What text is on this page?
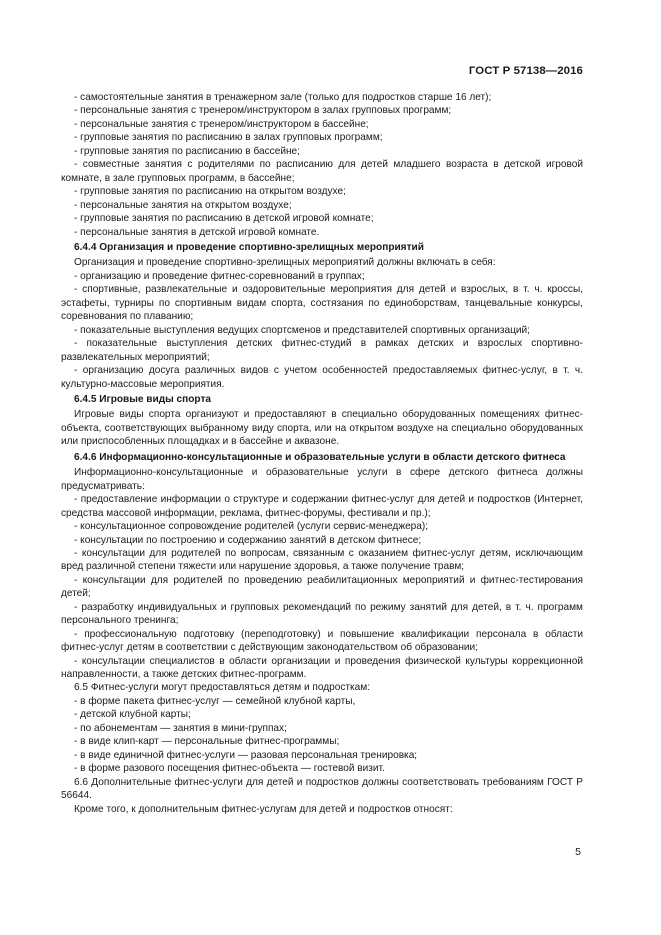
ГОСТ Р 57138—2016

- самостоятельные занятия в тренажерном зале (только для подростков старше 16 лет);

- персональные занятия с тренером/инструктором в залах групповых программ;

- персональные занятия с тренером/инструктором в бассейне;

- групповые занятия по расписанию в залах групповых программ;

- групповые занятия по расписанию в бассейне;

- совместные занятия с родителями по расписанию для детей младшего возраста в детской игровой комнате, в зале групповых программ, в бассейне;

- групповые занятия по расписанию на открытом воздухе;

- персональные занятия на открытом воздухе;

- групповые занятия по расписанию в детской игровой комнате;

- персональные занятия в детской игровой комнате.

6.4.4 Организация и проведение спортивно-зрелищных мероприятий

Организация и проведение спортивно-зрелищных мероприятий должны включать в себя:

- организацию и проведение фитнес-соревнований в группах;

- спортивные, развлекательные и оздоровительные мероприятия для детей и взрослых, в т. ч. кроссы, эстафеты, турниры по спортивным видам спорта, состязания по единоборствам, танцевальные конкурсы, соревнования по плаванию;

- показательные выступления ведущих спортсменов и представителей спортивных организаций;

- показательные выступления детских фитнес-студий в рамках детских и взрослых спортивно-развлекательных мероприятий;

- организацию досуга различных видов с учетом особенностей предоставляемых фитнес-услуг, в т. ч. культурно-массовые мероприятия.

6.4.5 Игровые виды спорта

Игровые виды спорта организуют и предоставляют в специально оборудованных помещениях фитнес-объекта, соответствующих выбранному виду спорта, или на открытом воздухе на специально оборудованных или приспособленных площадках и в бассейне и аквазоне.

6.4.6 Информационно-консультационные и образовательные услуги в области детского фитнеса

Информационно-консультационные и образовательные услуги в сфере детского фитнеса должны предусматривать:

- предоставление информации о структуре и содержании фитнес-услуг для детей и подростков (Интернет, средства массовой информации, реклама, фитнес-форумы, фестивали и пр.);

- консультационное сопровождение родителей (услуги сервис-менеджера);

- консультации по построению и содержанию занятий в детском фитнесе;

- консультации для родителей по вопросам, связанным с оказанием фитнес-услуг детям, исключающим вред различной степени тяжести или нарушение здоровья, а также получение травм;

- консультации для родителей по проведению реабилитационных мероприятий и фитнес-тестирования детей;

- разработку индивидуальных и групповых рекомендаций по режиму занятий для детей, в т. ч. программ персонального тренинга;

- профессиональную подготовку (переподготовку) и повышение квалификации персонала в области фитнес-услуг детям в соответствии с действующим законодательством об образовании;

- консультации специалистов в области организации и проведения физической культуры коррекционной направленности, а также детских фитнес-программ.

6.5 Фитнес-услуги могут предоставляться детям и подросткам:

- в форме пакета фитнес-услуг — семейной клубной карты,

- детской клубной карты;

- по абонементам — занятия в мини-группах;

- в виде клип-карт — персональные фитнес-программы;

- в виде единичной фитнес-услуги — разовая персональная тренировка;

- в форме разового посещения фитнес-объекта — гостевой визит.

6.6 Дополнительные фитнес-услуги для детей и подростков должны соответствовать требованиям ГОСТ Р 56644.

Кроме того, к дополнительным фитнес-услугам для детей и подростков относят:

5
